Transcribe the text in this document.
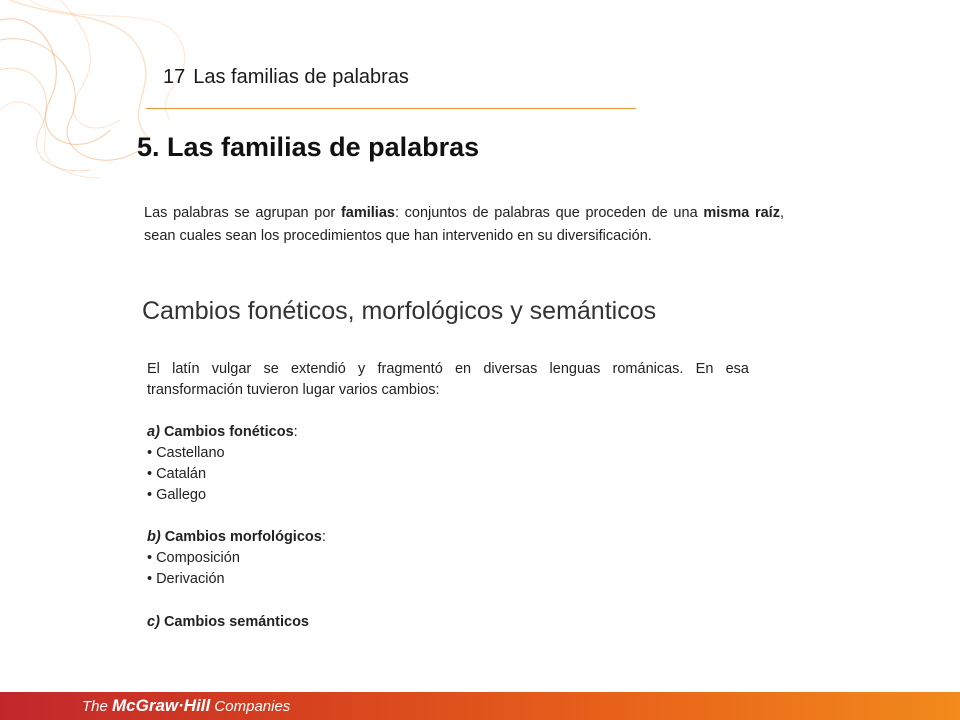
17 Las familias de palabras
5. Las familias de palabras
Las palabras se agrupan por familias: conjuntos de palabras que proceden de una misma raíz, sean cuales sean los procedimientos que han intervenido en su diversificación.
Cambios fonéticos, morfológicos y semánticos
El latín vulgar se extendió y fragmentó en diversas lenguas románicas. En esa transformación tuvieron lugar varios cambios:
a) Cambios fonéticos:
• Castellano
• Catalán
• Gallego
b) Cambios morfológicos:
• Composición
• Derivación
c) Cambios semánticos
The McGraw·Hill Companies
